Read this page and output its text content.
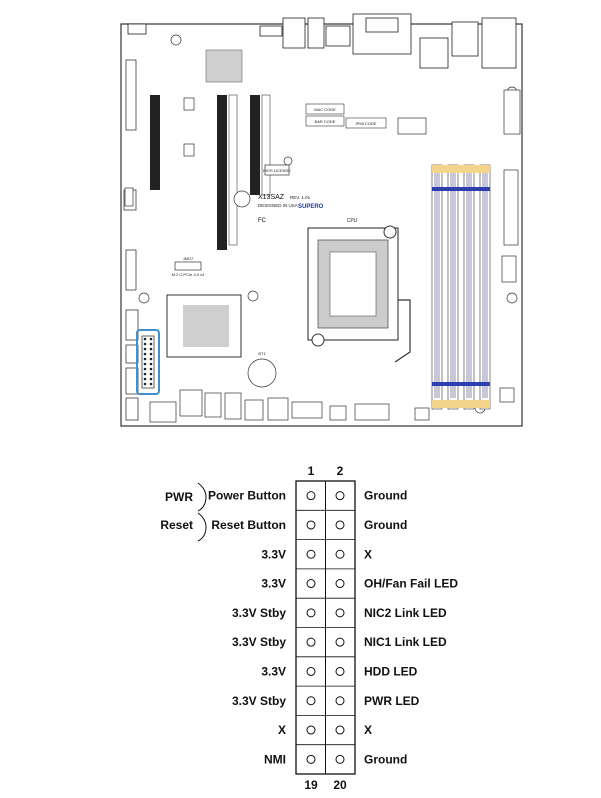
CPU
MAC CODE
BAR CODE	IPMI CODE
BIOS LICENSE
M.2 C:PCIe 4.0 x4
JMD7
BT1
X13SAZ REV. 1.01
DESIGNED IN USA SUPERO
FC
1 2
19 20
PWR
Reset
Power Button	Ground
Reset Button	Ground
3.3V	X
3.3V	OH/Fan Fail LED
3.3V Stby	NIC2 Link LED
3.3V Stby	NIC1 Link LED
3.3V	HDD LED
3.3V Stby	PWR LED
X	X
NMI	Ground
